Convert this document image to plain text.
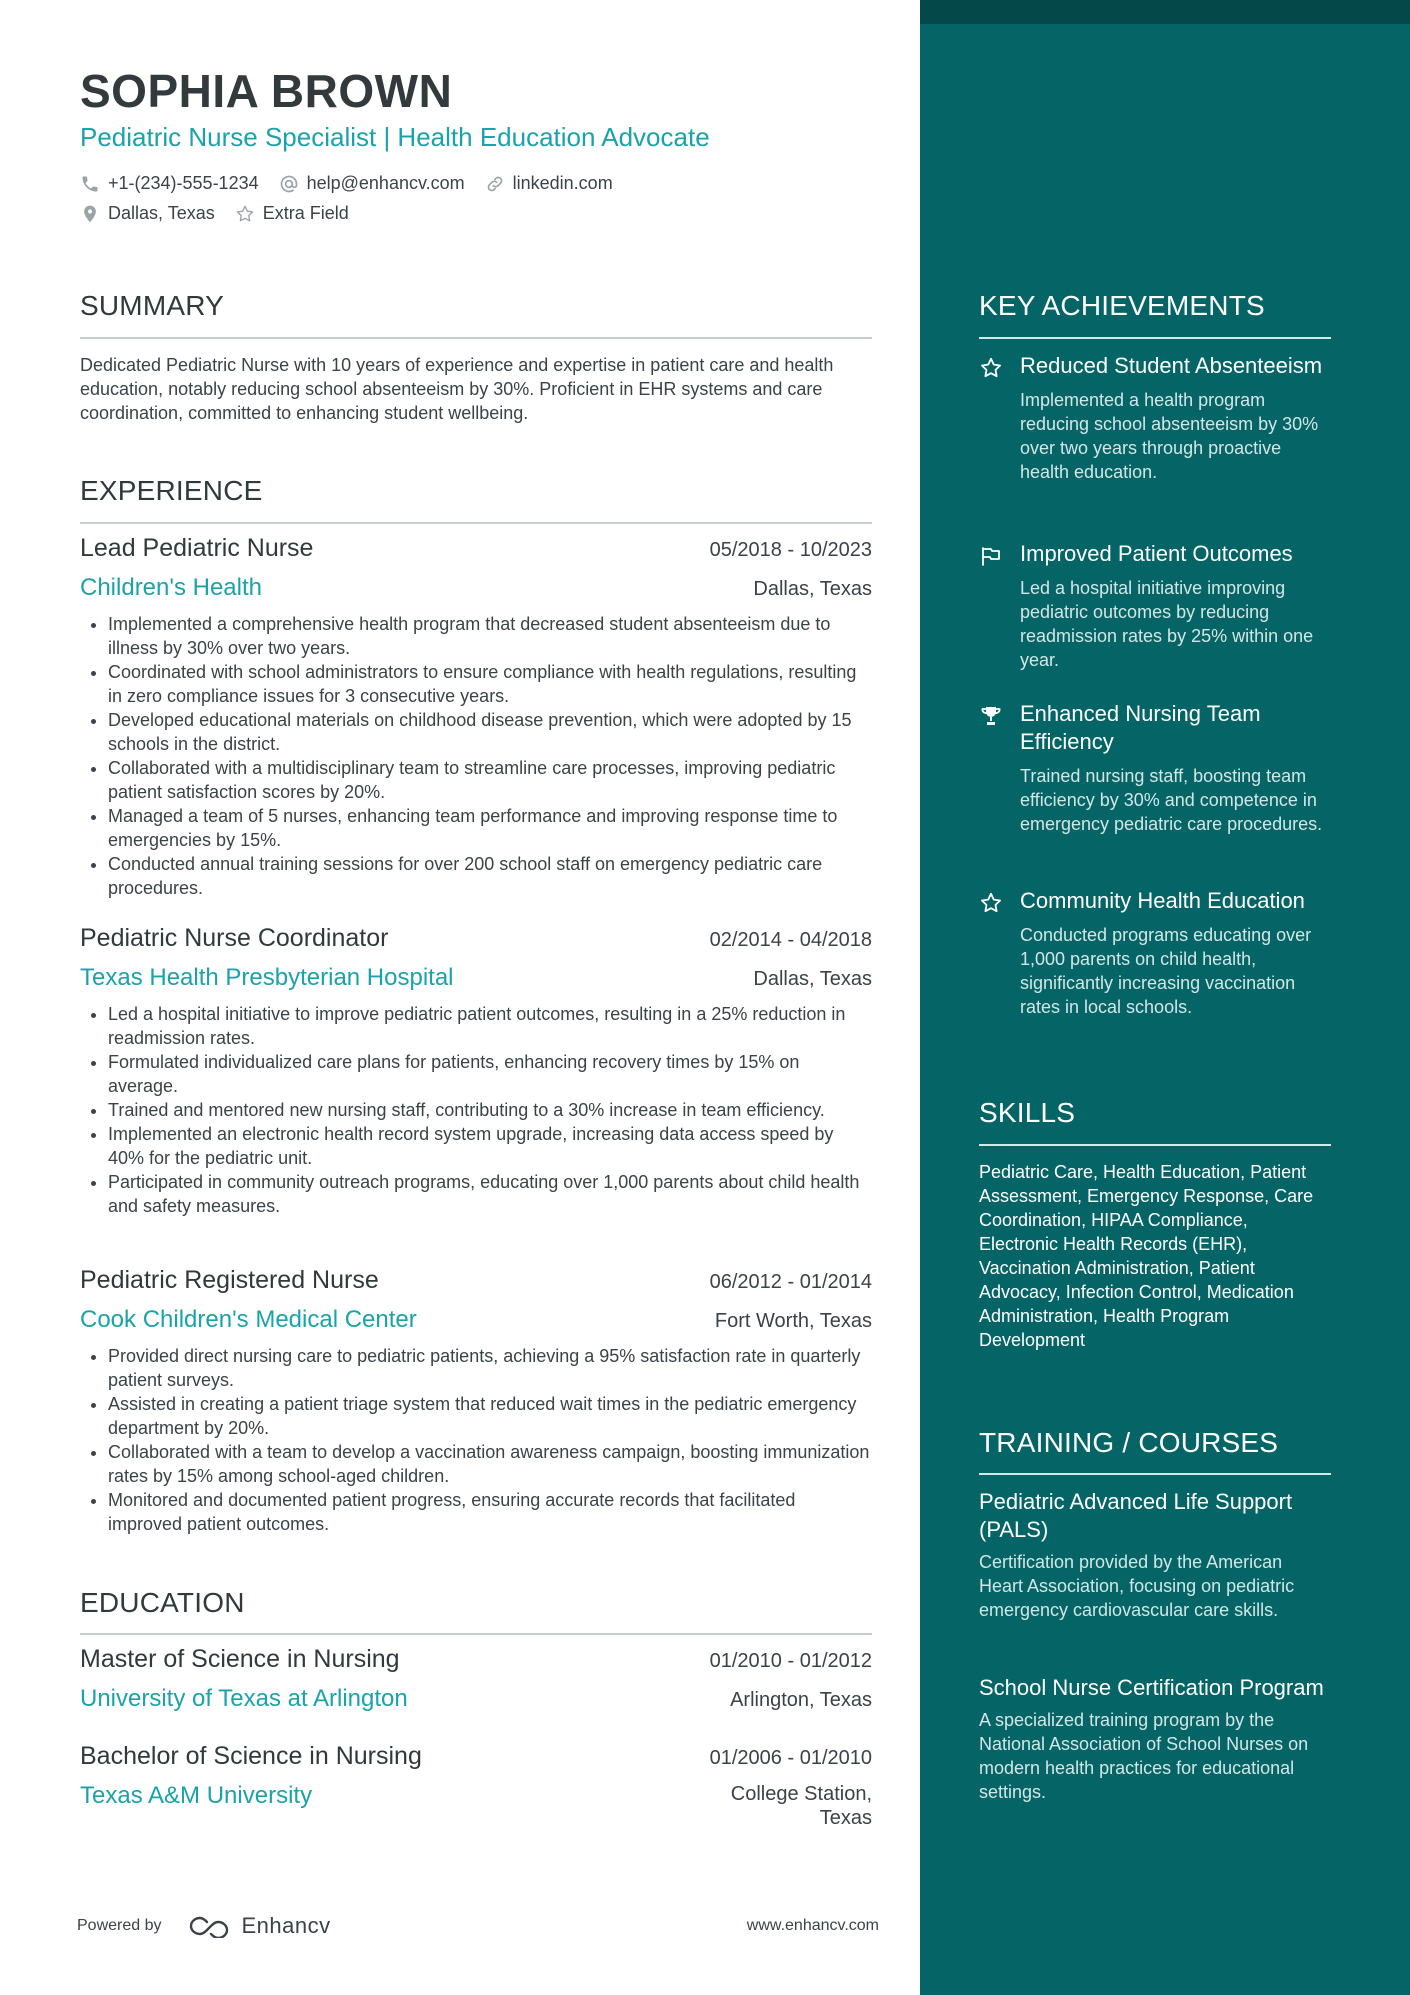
SOPHIA BROWN
Pediatric Nurse Specialist | Health Education Advocate
+1-(234)-555-1234	help@enhancv.com	linkedin.com
Dallas, Texas	Extra Field
SUMMARY
Dedicated Pediatric Nurse with 10 years of experience and expertise in patient care and health education, notably reducing school absenteeism by 30%. Proficient in EHR systems and care coordination, committed to enhancing student wellbeing.
EXPERIENCE
Lead Pediatric Nurse	05/2018 - 10/2023
Children's Health	Dallas, Texas
• Implemented a comprehensive health program that decreased student absenteeism due to illness by 30% over two years.
• Coordinated with school administrators to ensure compliance with health regulations, resulting in zero compliance issues for 3 consecutive years.
• Developed educational materials on childhood disease prevention, which were adopted by 15 schools in the district.
• Collaborated with a multidisciplinary team to streamline care processes, improving pediatric patient satisfaction scores by 20%.
• Managed a team of 5 nurses, enhancing team performance and improving response time to emergencies by 15%.
• Conducted annual training sessions for over 200 school staff on emergency pediatric care procedures.
Pediatric Nurse Coordinator	02/2014 - 04/2018
Texas Health Presbyterian Hospital	Dallas, Texas
• Led a hospital initiative to improve pediatric patient outcomes, resulting in a 25% reduction in readmission rates.
• Formulated individualized care plans for patients, enhancing recovery times by 15% on average.
• Trained and mentored new nursing staff, contributing to a 30% increase in team efficiency.
• Implemented an electronic health record system upgrade, increasing data access speed by 40% for the pediatric unit.
• Participated in community outreach programs, educating over 1,000 parents about child health and safety measures.
Pediatric Registered Nurse	06/2012 - 01/2014
Cook Children's Medical Center	Fort Worth, Texas
• Provided direct nursing care to pediatric patients, achieving a 95% satisfaction rate in quarterly patient surveys.
• Assisted in creating a patient triage system that reduced wait times in the pediatric emergency department by 20%.
• Collaborated with a team to develop a vaccination awareness campaign, boosting immunization rates by 15% among school-aged children.
• Monitored and documented patient progress, ensuring accurate records that facilitated improved patient outcomes.
EDUCATION
Master of Science in Nursing	01/2010 - 01/2012
University of Texas at Arlington	Arlington, Texas
Bachelor of Science in Nursing	01/2006 - 01/2010
Texas A&M University	College Station,
Texas
Powered by	Enhancv	www.enhancv.com
KEY ACHIEVEMENTS
Reduced Student Absenteeism
Implemented a health program reducing school absenteeism by 30% over two years through proactive health education.
Improved Patient Outcomes
Led a hospital initiative improving pediatric outcomes by reducing readmission rates by 25% within one year.
Enhanced Nursing Team Efficiency
Trained nursing staff, boosting team efficiency by 30% and competence in emergency pediatric care procedures.
Community Health Education
Conducted programs educating over 1,000 parents on child health, significantly increasing vaccination rates in local schools.
SKILLS
Pediatric Care, Health Education, Patient Assessment, Emergency Response, Care Coordination, HIPAA Compliance, Electronic Health Records (EHR), Vaccination Administration, Patient Advocacy, Infection Control, Medication Administration, Health Program Development
TRAINING / COURSES
Pediatric Advanced Life Support (PALS)
Certification provided by the American Heart Association, focusing on pediatric emergency cardiovascular care skills.
School Nurse Certification Program
A specialized training program by the National Association of School Nurses on modern health practices for educational settings.
